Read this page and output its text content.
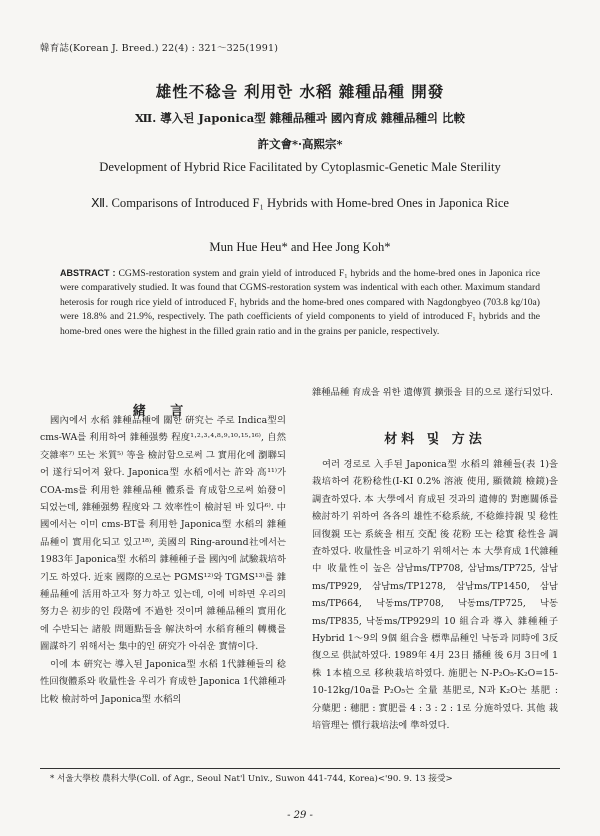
韓育誌(Korean J. Breed.) 22(4) : 321～325(1991)
雄性不稔을 利用한 水稻 雜種品種 開發
Ⅻ. 導入된 Japonica型 雜種品種과 國內育成 雜種品種의 比較
許文會*·高熙宗*
Development of Hybrid Rice Facilitated by Cytoplasmic-Genetic Male Sterility
Ⅻ. Comparisons of Introduced F₁ Hybrids with Home-bred Ones in Japonica Rice
Mun Hue Heu* and Hee Jong Koh*
ABSTRACT : CGMS-restoration system and grain yield of introduced F₁ hybrids and the home-bred ones in Japonica rice were comparatively studied. It was found that CGMS-restoration system was indentical with each other. Maximum standard heterosis for rough rice yield of introduced F₁ hybrids and the home-bred ones compared with Nagdongbyeo (703.8 kg/10a) were 18.8% and 21.9%, respectively. The path coefficients of yield components to yield of introduced F₁ hybrids and the home-bred ones were the highest in the filled grain ratio and in the grains per panicle, respectively.
緒 言

國內에서 水稻 雜種品種에 關한 硏究는 주로 Indica型의 cms-WA를 利用하여 雜種强勢 程度¹·²·³·⁴·⁸·⁹·¹⁰·¹⁵·¹⁶⁾, 自然交雜率⁷⁾ 또는 米質⁵⁾ 等을 檢討함으로써 그 實用化에 瀏聯되어 遂行되어져 왔다. Japonica型 水稻에서는 許와 高¹¹⁾가 COA-ms를 利用한 雜種品種 體系를 育成함으로써 始發이 되었는데, 雜種强勢 程度와 그 效率性이 檢討된 바 있다⁶⁾. 中國에서는 이미 cms-BT를 利用한 Japonica型 水稻의 雜種品種이 實用化되고 있고¹⁸⁾, 美國의 Ring-around社에서는 1983年 Japonica型 水稻의 雜種種子를 國內에 試驗栽培하기도 하였다. 近來 國際的으로는 PGMS¹²⁾와 TGMS¹³⁾를 雜種品種에 活用하고자 努力하고 있는데, 이에 비하면 우리의 努力은 初步的인 段階에 不過한 것이며 雜種品種의 實用化에 수반되는 諸般 問題點들을 解決하여 水稻育種의 轉機를 圖謀하기 위해서는 集中的인 硏究가 아쉬운 實情이다.

이에 本 硏究는 導入된 Japonica型 水稻 1代雜種들의 稔性回復體系와 收量性을 우리가 育成한 Japonica 1代雜種과 比較 檢討하여 Japonica型 水稻의

雜種品種 育成을 위한 遺傳質 擴張을 目的으로 遂行되었다.

材料 및 方法

여러 경로로 入手된 Japonica型 水稻의 雜種들(表 1)을 栽培하여 花粉稔性(I-KI 0.2% 溶液 使用, 顯微鏡 檢鏡)을 調査하였다. 本 大學에서 育成된 것과의 遺傳的 對應關係를 檢討하기 위하여 各各의 雄性不稔系統, 不稔維持親 및 稔性回復親 또는 系統을 相互 交配 後 花粉 또는 稔實 稔性을 調査하였다. 收量性을 비교하기 위해서는 本 大學育成 1代雜種 中 收量性이 높은 삼남ms/TP708, 삼남ms/TP725, 삼남ms/TP929, 삼남ms/TP1278, 삼남ms/TP1450, 삼남ms/TP664, 낙동ms/TP708, 낙동ms/TP725, 낙동ms/TP835, 낙동ms/TP929의 10 組合과 導入 雜種種子 Hybrid 1～9의 9個 組合을 標準品種인 낙동과 同時에 3反復으로 供試하였다. 1989年 4月 23日 播種 後 6月 3日에 1株 1本植으로 移秧栽培하였다. 施肥는 N-P₂O₅-K₂O=15-10-12kg/10a를 P₂O₅는 全量 基肥로, N과 K₂O는 基肥 : 分蘖肥 : 穗肥 : 實肥를 4 : 3 : 2 : 1로 分施하였다. 其他 栽培管理는 慣行栽培法에 準하였다.

* 서울大學校 農科大學(Coll. of Agr., Seoul Nat'l Univ., Suwon 441-744, Korea)<'90. 9. 13 接受>
- 29 -
